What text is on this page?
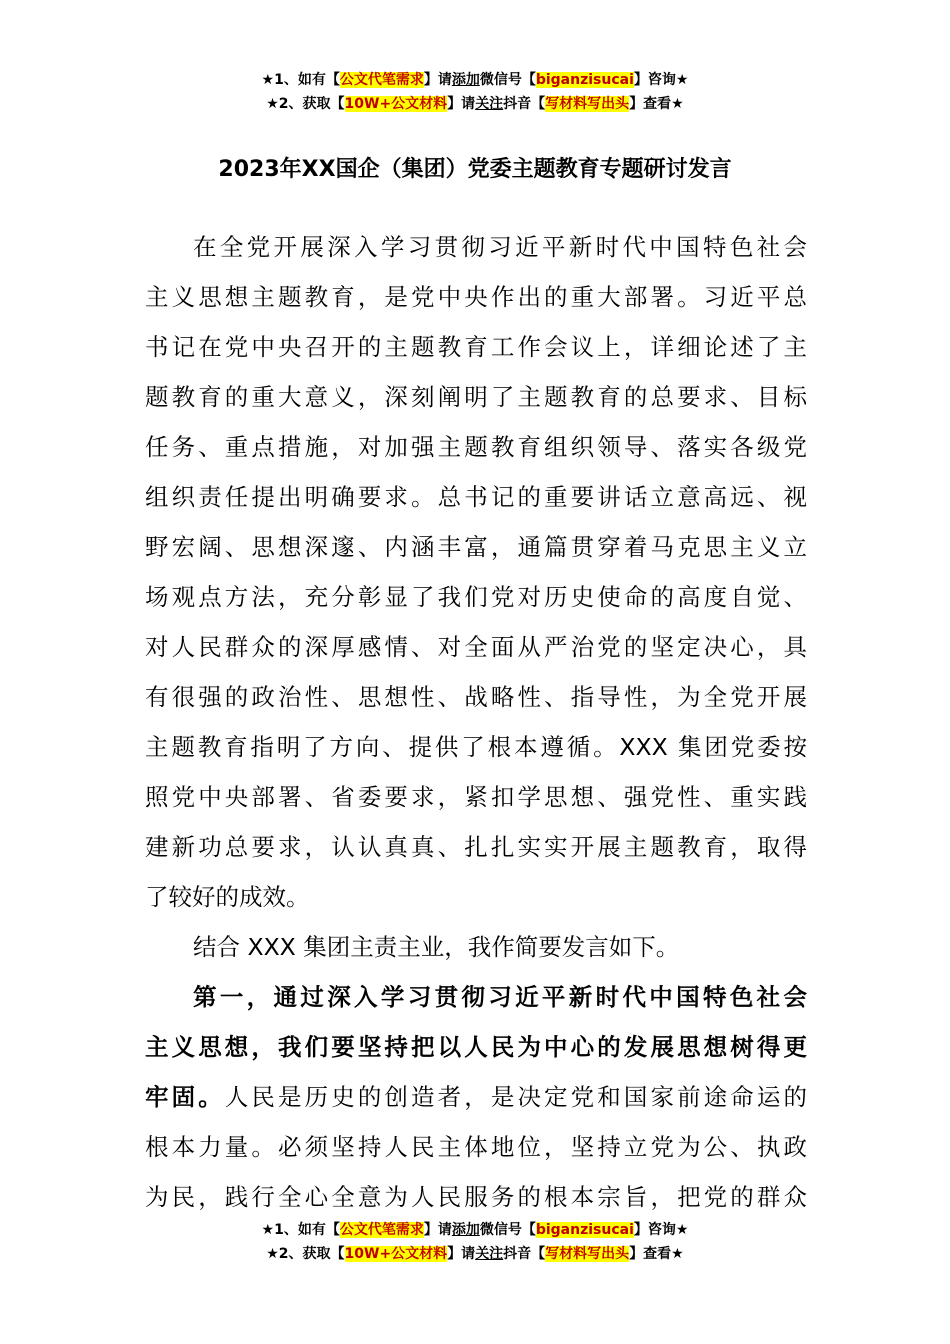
★1、如有【公文代笔需求】请添加微信号【biganzisucai】咨询★
★2、获取【10W+公文材料】请关注抖音【写材料写出头】查看★
2023年XX国企（集团）党委主题教育专题研讨发言
在全党开展深入学习贯彻习近平新时代中国特色社会
主义思想主题教育，是党中央作出的重大部署。习近平总
书记在党中央召开的主题教育工作会议上，详细论述了主
题教育的重大意义，深刻阐明了主题教育的总要求、目标
任务、重点措施，对加强主题教育组织领导、落实各级党
组织责任提出明确要求。总书记的重要讲话立意高远、视
野宏阔、思想深邃、内涵丰富，通篇贯穿着马克思主义立
场观点方法，充分彰显了我们党对历史使命的高度自觉、
对人民群众的深厚感情、对全面从严治党的坚定决心，具
有很强的政治性、思想性、战略性、指导性，为全党开展
主题教育指明了方向、提供了根本遵循。XXX 集团党委按
照党中央部署、省委要求，紧扣学思想、强党性、重实践
建新功总要求，认认真真、扎扎实实开展主题教育，取得
了较好的成效。
结合 XXX 集团主责主业，我作简要发言如下。
第一，通过深入学习贯彻习近平新时代中国特色社会
主义思想，我们要坚持把以人民为中心的发展思想树得更
牢固。人民是历史的创造者，是决定党和国家前途命运的
根本力量。必须坚持人民主体地位，坚持立党为公、执政
为民，践行全心全意为人民服务的根本宗旨，把党的群众
★1、如有【公文代笔需求】请添加微信号【biganzisucai】咨询★
★2、获取【10W+公文材料】请关注抖音【写材料写出头】查看★
